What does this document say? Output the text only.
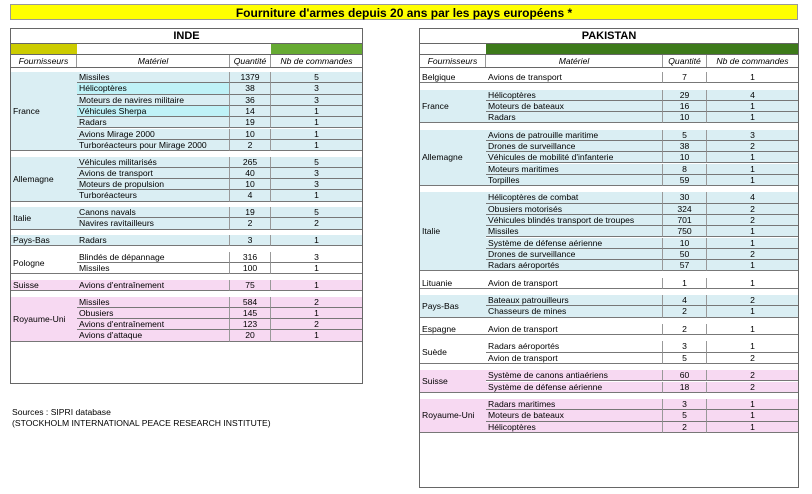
Fourniture d'armes depuis 20 ans par les pays européens *
INDE
Fournisseurs	Matériel	Quantité	Nb de commandes
France
Missiles	1379	5
Hélicoptères	38	3
Moteurs de navires militaire	36	3
Véhicules Sherpa	14	1
Radars	19	1
Avions Mirage 2000	10	1
Turboréacteurs pour Mirage 2000	2	1
Allemagne
Véhicules militarisés	265	5
Avions de transport	40	3
Moteurs de propulsion	10	3
Turboréacteurs	4	1
Italie
Canons navals	19	5
Navires ravitailleurs	2	2
Pays-Bas	Radars	3	1
Pologne
Blindés de dépannage	316	3
Missiles	100	1
Suisse	Avions d'entraînement	75	1
Royaume-Uni
Missiles	584	2
Obusiers	145	1
Avions d'entraînement	123	2
Avions d'attaque	20	1
PAKISTAN
Fournisseurs	Matériel	Quantité	Nb de commandes
Belgique	Avions de transport	7	1
France
Hélicoptères	29	4
Moteurs de bateaux	16	1
Radars	10	1
Allemagne
Avions de patrouille maritime	5	3
Drones de surveillance	38	2
Véhicules de mobilité d'infanterie	10	1
Moteurs maritimes	8	1
Torpilles	59	1
Italie
Hélicoptères de combat	30	4
Obusiers motorisés	324	2
Véhicules blindés transport de troupes	701	2
Missiles	750	1
Système de défense aérienne	10	1
Drones de surveillance	50	2
Radars aéroportés	57	1
Lituanie	Avion de transport	1	1
Pays-Bas
Bateaux patrouilleurs	4	2
Chasseurs de mines	2	1
Espagne	Avion de transport	2	1
Suède
Radars aéroportés	3	1
Avion de transport	5	2
Suisse
Système de canons antiaériens	60	2
Système de défense aérienne	18	2
Royaume-Uni
Radars maritimes	3	1
Moteurs de bateaux	5	1
Hélicoptères	2	1
Sources : SIPRI database
(STOCKHOLM INTERNATIONAL PEACE RESEARCH INSTITUTE)
